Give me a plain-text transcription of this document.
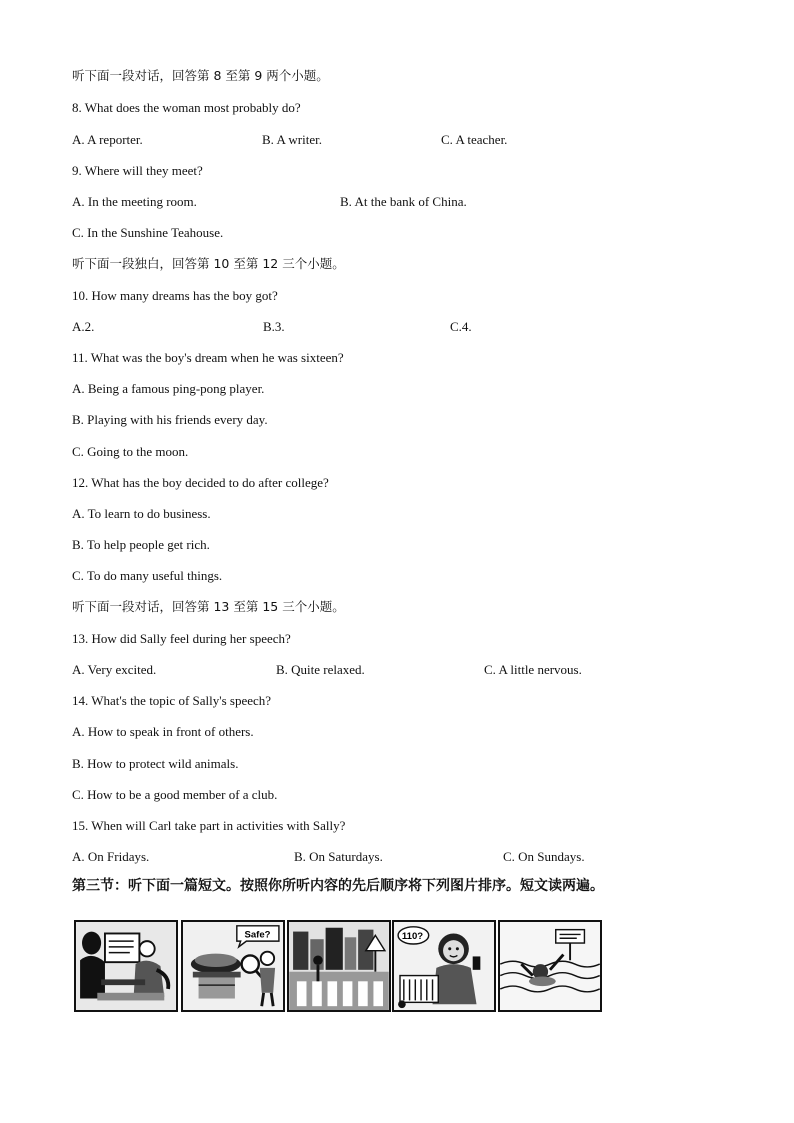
听下面一段对话，回答第 8 至第 9 两个小题。
8. What does the woman most probably do?
A. A reporter.	B. A writer.	C. A teacher.
9. Where will they meet?
A. In the meeting room.	B. At the bank of China.
C. In the Sunshine Teahouse.
听下面一段独白，回答第 10 至第 12 三个小题。
10. How many dreams has the boy got?
A.2.	B.3.	C.4.
11. What was the boy's dream when he was sixteen?
A. Being a famous ping-pong player.
B. Playing with his friends every day.
C. Going to the moon.
12. What has the boy decided to do after college?
A. To learn to do business.
B. To help people get rich.
C. To do many useful things.
听下面一段对话，回答第 13 至第 15 三个小题。
13. How did Sally feel during her speech?
A. Very excited.	B. Quite relaxed.	C. A little nervous.
14. What's the topic of Sally's speech?
A. How to speak in front of others.
B. How to protect wild animals.
C. How to be a good member of a club.
15. When will Carl take part in activities with Sally?
A. On Fridays.	B. On Saturdays.	C. On Sundays.
第三节：听下面一篇短文。按照你所听内容的先后顺序将下列图片排序。短文读两遍。
Safe?	110?
